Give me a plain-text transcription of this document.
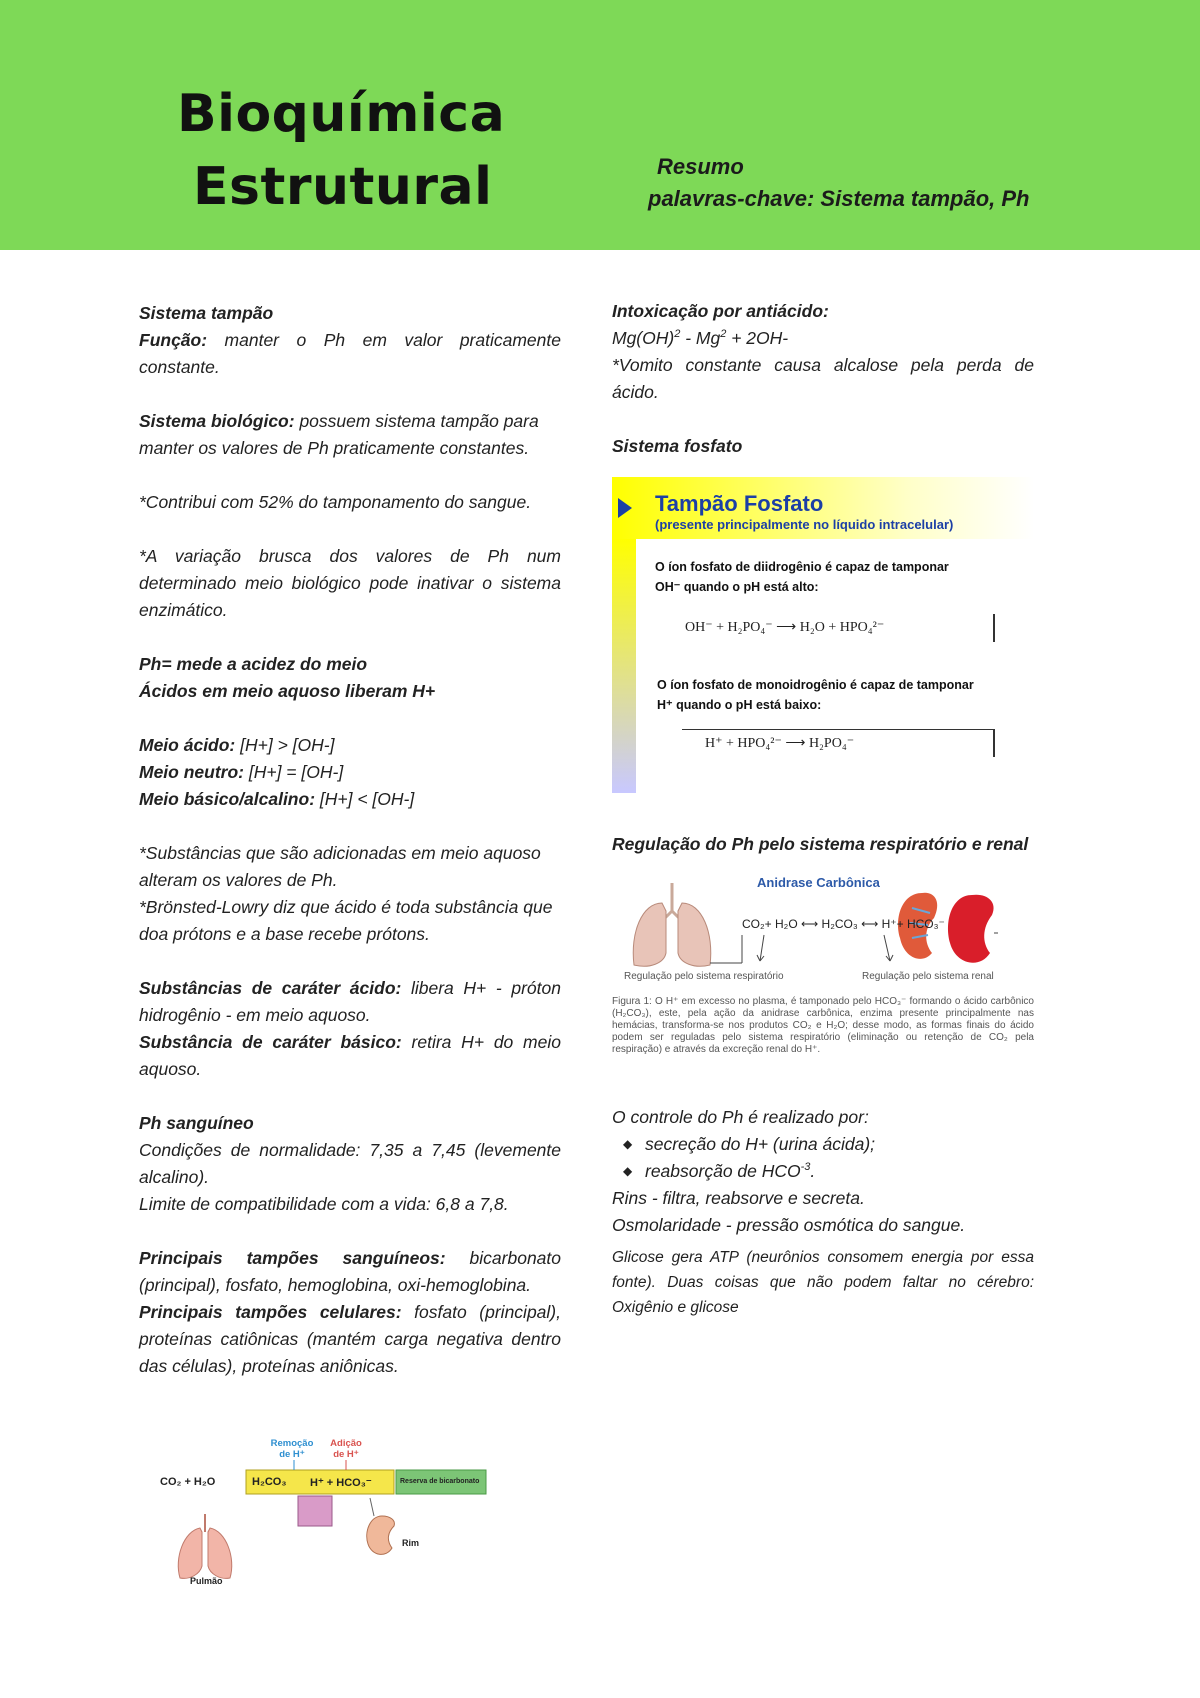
Bioquímica
Estrutural	Resumo
palavras-chave: Sistema tampão, Ph

Sistema tampão

Função: manter o Ph em valor praticamente constante.

Sistema biológico: possuem sistema tampão para manter os valores de Ph praticamente constantes.

*Contribui com 52% do tamponamento do sangue.

*A variação brusca dos valores de Ph num determinado meio biológico pode inativar o sistema enzimático.

Ph= mede a acidez do meio

Ácidos em meio aquoso liberam H+

Meio ácido: [H+] > [OH-]

Meio neutro: [H+] = [OH-]

Meio básico/alcalino: [H+] < [OH-]

*Substâncias que são adicionadas em meio aquoso alteram os valores de Ph.

*Brönsted-Lowry diz que ácido é toda substância que doa prótons e a base recebe prótons.

Substâncias de caráter ácido: libera H+ - próton hidrogênio - em meio aquoso.

Substância de caráter básico: retira H+ do meio aquoso.

Ph sanguíneo

Condições de normalidade: 7,35 a 7,45 (levemente alcalino).

Limite de compatibilidade com a vida: 6,8 a 7,8.

Principais tampões sanguíneos: bicarbonato (principal), fosfato, hemoglobina, oxi-hemoglobina.

Principais tampões celulares: fosfato (principal), proteínas catiônicas (mantém carga negativa dentro das células), proteínas aniônicas.

Intoxicação por antiácido:

$Mg(OH)^2 - Mg^2 + 2OH-$

*Vomito constante causa alcalose pela perda de ácido.

Sistema fosfato

Tampão Fosfato
(presente principalmente no líquido intracelular)
O íon fosfato de diidrogênio é capaz de tamponar
OH⁻ quando o pH está alto:
OH⁻ + H₂PO₄⁻ ⟶ H₂O + HPO₄²⁻
O íon fosfato de monoidrogênio é capaz de tamponar
H⁺ quando o pH está baixo:
H⁺ + HPO₄²⁻ ⟶ H₂PO₄⁻

Regulação do Ph pelo sistema respiratório e renal

Anidrase Carbônica
CO₂+ H₂O ⟷ H₂CO₃ ⟷ H⁺+ HCO₃⁻
Regulação pelo sistema respiratório	Regulação pelo sistema renal
Figura 1: O H⁺ em excesso no plasma, é tamponado pelo HCO₃⁻ formando o ácido carbônico (H₂CO₃), este, pela ação da anidrase carbônica, enzima presente principalmente nas hemácias, transforma-se nos produtos CO₂ e H₂O; desse modo, as formas finais do ácido podem ser reguladas pelo sistema respiratório (eliminação ou retenção de CO₂ pela respiração) e através da excreção renal do H⁺.

O controle do Ph é realizado por:

◆ secreção do H+ (urina ácida);
◆ reabsorção de $HCO^{-3}$.

Rins - filtra, reabsorve e secreta.

Osmolaridade - pressão osmótica do sangue.

Glicose gera ATP (neurônios consomem energia por essa fonte). Duas coisas que não podem faltar no cérebro: Oxigênio e glicose

Remoção de H⁺
Adição de H⁺
CO₂ + H₂O	H₂CO₃ H⁺ + HCO₃⁻	Reserva de bicarbonato
Rim
Pulmão
